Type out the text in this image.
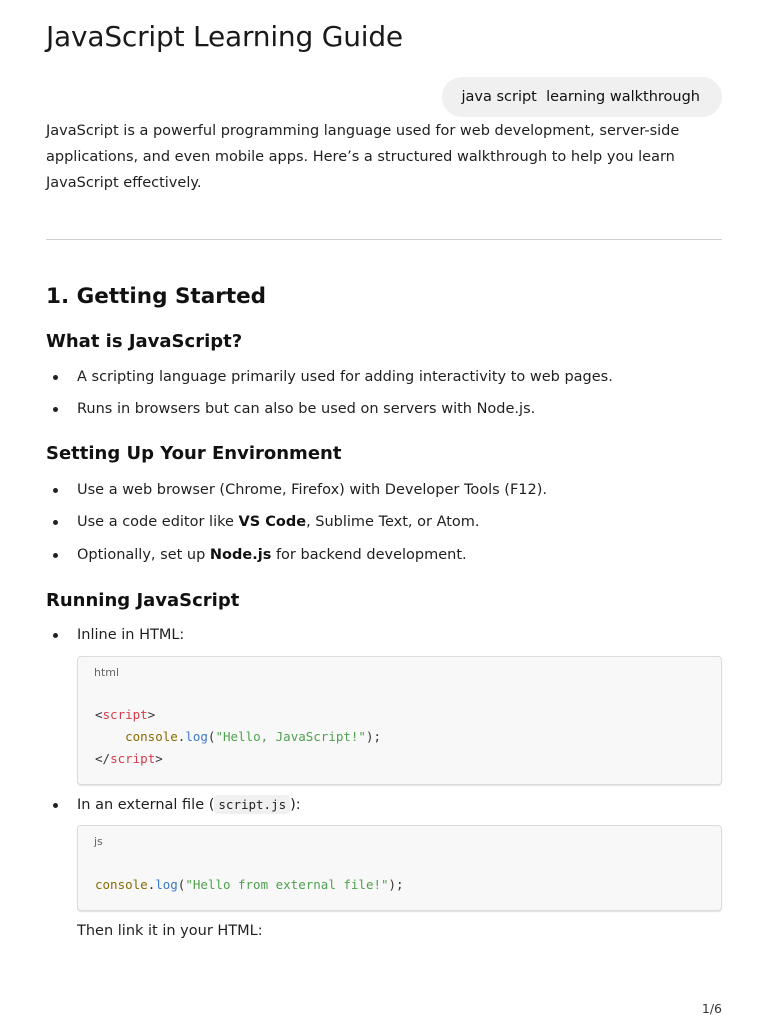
JavaScript Learning Guide
java script  learning walkthrough

JavaScript is a powerful programming language used for web development, server-side applications, and even mobile apps. Here’s a structured walkthrough to help you learn JavaScript effectively.

1. Getting Started
What is JavaScript?
A scripting language primarily used for adding interactivity to web pages.
Runs in browsers but can also be used on servers with Node.js.
Setting Up Your Environment
Use a web browser (Chrome, Firefox) with Developer Tools (F12).
Use a code editor like VS Code, Sublime Text, or Atom.
Optionally, set up Node.js for backend development.
Running JavaScript
Inline in HTML:
html
<script>
console.log("Hello, JavaScript!");
</script>
In an external file ( script.js ):
js
console.log("Hello from external file!");
Then link it in your HTML:
1/6
